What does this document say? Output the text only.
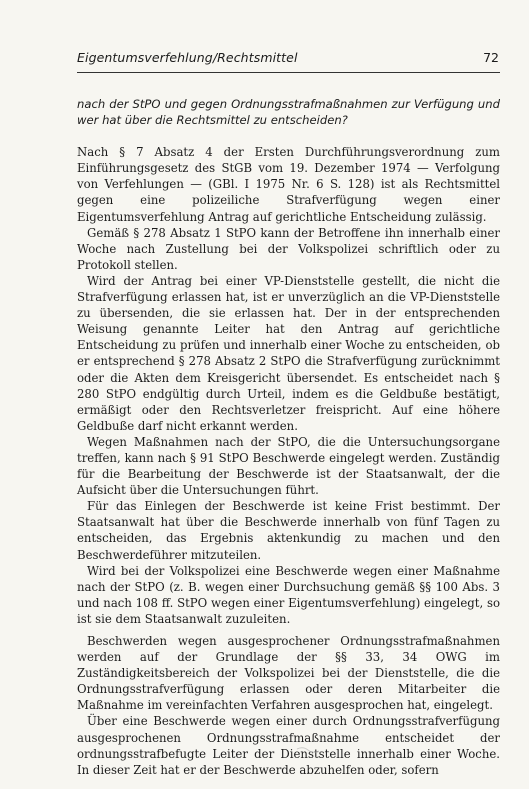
Eigentumsverfehlung/Rechtsmittel	72

nach der StPO und gegen Ordnungsstrafmaßnahmen zur Verfügung und wer hat über die Rechtsmittel zu entscheiden?

Nach § 7 Absatz 4 der Ersten Durchführungsverordnung zum Einführungsgesetz des StGB vom 19. Dezember 1974 — Verfolgung von Verfehlungen — (GBl. I 1975 Nr. 6 S. 128) ist als Rechtsmittel gegen eine polizeiliche Strafverfügung wegen einer Eigentumsverfehlung Antrag auf gerichtliche Entscheidung zulässig.

Gemäß § 278 Absatz 1 StPO kann der Betroffene ihn innerhalb einer Woche nach Zustellung bei der Volkspolizei schriftlich oder zu Protokoll stellen.

Wird der Antrag bei einer VP-Dienststelle gestellt, die nicht die Strafverfügung erlassen hat, ist er unverzüglich an die VP-Dienststelle zu übersenden, die sie erlassen hat. Der in der entsprechenden Weisung genannte Leiter hat den Antrag auf gerichtliche Entscheidung zu prüfen und innerhalb einer Woche zu entscheiden, ob er entsprechend § 278 Absatz 2 StPO die Strafverfügung zurücknimmt oder die Akten dem Kreisgericht übersendet. Es entscheidet nach § 280 StPO endgültig durch Urteil, indem es die Geldbuße bestätigt, ermäßigt oder den Rechtsverletzer freispricht. Auf eine höhere Geldbuße darf nicht erkannt werden.

Wegen Maßnahmen nach der StPO, die die Untersuchungsorgane treffen, kann nach § 91 StPO Beschwerde eingelegt werden. Zuständig für die Bearbeitung der Beschwerde ist der Staatsanwalt, der die Aufsicht über die Untersuchungen führt.

Für das Einlegen der Beschwerde ist keine Frist bestimmt. Der Staatsanwalt hat über die Beschwerde innerhalb von fünf Tagen zu entscheiden, das Ergebnis aktenkundig zu machen und den Beschwerdeführer mitzuteilen.

Wird bei der Volkspolizei eine Beschwerde wegen einer Maßnahme nach der StPO (z. B. wegen einer Durchsuchung gemäß §§ 100 Abs. 3 und nach 108 ff. StPO wegen einer Eigentumsverfehlung) eingelegt, so ist sie dem Staatsanwalt zuzuleiten.

Beschwerden wegen ausgesprochener Ordnungsstrafmaßnahmen werden auf der Grundlage der §§ 33, 34 OWG im Zuständigkeitsbereich der Volkspolizei bei der Dienststelle, die die Ordnungsstrafverfügung erlassen oder deren Mitarbeiter die Maßnahme im vereinfachten Verfahren ausgesprochen hat, eingelegt.

Über eine Beschwerde wegen einer durch Ordnungsstrafverfügung ausgesprochenen Ordnungsstrafmaßnahme entscheidet der ordnungsstrafbefugte Leiter der Dienststelle innerhalb einer Woche. In dieser Zeit hat er der Beschwerde abzuhelfen oder, sofern
